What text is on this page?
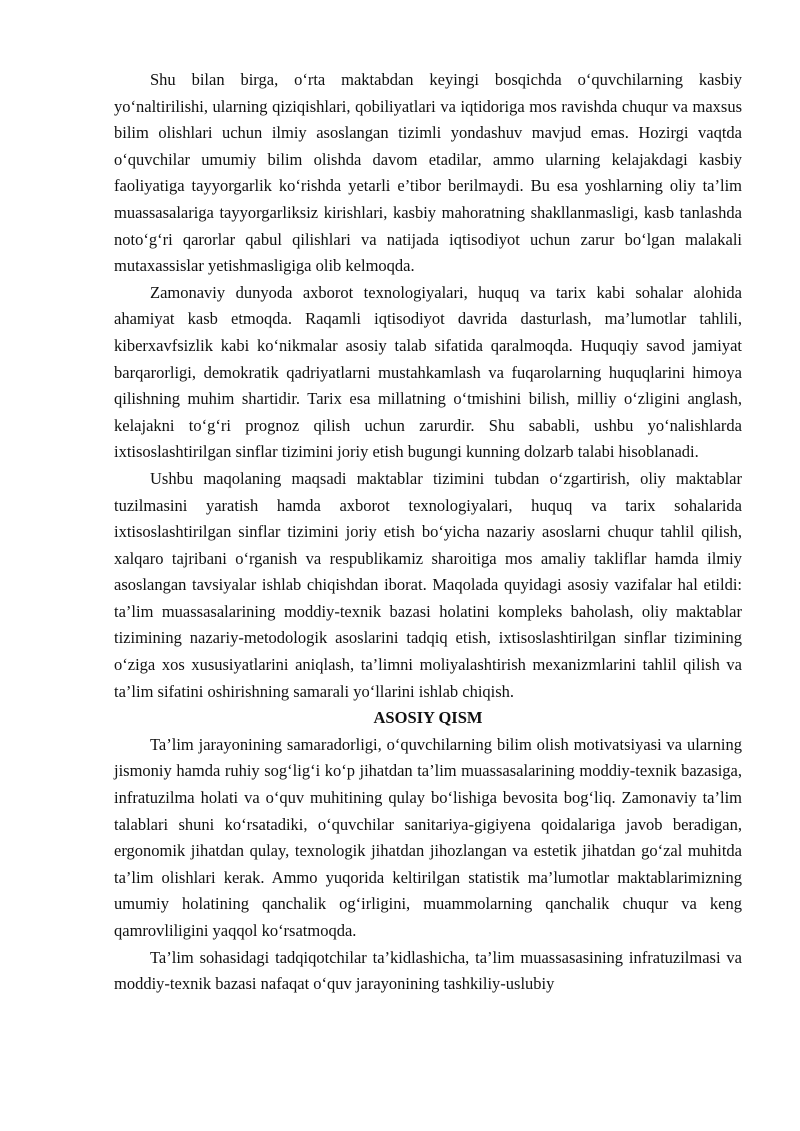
Shu bilan birga, o‘rta maktabdan keyingi bosqichda o‘quvchilarning kasbiy yo‘naltirilishi, ularning qiziqishlari, qobiliyatlari va iqtidoriga mos ravishda chuqur va maxsus bilim olishlari uchun ilmiy asoslangan tizimli yondashuv mavjud emas. Hozirgi vaqtda o‘quvchilar umumiy bilim olishda davom etadilar, ammo ularning kelajakdagi kasbiy faoliyatiga tayyorgarlik ko‘rishda yetarli e’tibor berilmaydi. Bu esa yoshlarning oliy ta’lim muassasalariga tayyorgarliksiz kirishlari, kasbiy mahoratning shakllanmasligi, kasb tanlashda noto‘g‘ri qarorlar qabul qilishlari va natijada iqtisodiyot uchun zarur bo‘lgan malakali mutaxassislar yetishmasligiga olib kelmoqda.

Zamonaviy dunyoda axborot texnologiyalari, huquq va tarix kabi sohalar alohida ahamiyat kasb etmoqda. Raqamli iqtisodiyot davrida dasturlash, ma’lumotlar tahlili, kiberxavfsizlik kabi ko‘nikmalar asosiy talab sifatida qaralmoqda. Huquqiy savod jamiyat barqarorligi, demokratik qadriyatlarni mustahkamlash va fuqarolarning huquqlarini himoya qilishning muhim shartidir. Tarix esa millatning o‘tmishini bilish, milliy o‘zligini anglash, kelajakni to‘g‘ri prognoz qilish uchun zarurdir. Shu sababli, ushbu yo‘nalishlarda ixtisoslashtirilgan sinflar tizimini joriy etish bugungi kunning dolzarb talabi hisoblanadi.

Ushbu maqolaning maqsadi maktablar tizimini tubdan o‘zgartirish, oliy maktablar tuzilmasini yaratish hamda axborot texnologiyalari, huquq va tarix sohalarida ixtisoslashtirilgan sinflar tizimini joriy etish bo‘yicha nazariy asoslarni chuqur tahlil qilish, xalqaro tajribani o‘rganish va respublikamiz sharoitiga mos amaliy takliflar hamda ilmiy asoslangan tavsiyalar ishlab chiqishdan iborat. Maqolada quyidagi asosiy vazifalar hal etildi: ta’lim muassasalarining moddiy-texnik bazasi holatini kompleks baholash, oliy maktablar tizimining nazariy-metodologik asoslarini tadqiq etish, ixtisoslashtirilgan sinflar tizimining o‘ziga xos xususiyatlarini aniqlash, ta’limni moliyalashtirish mexanizmlarini tahlil qilish va ta’lim sifatini oshirishning samarali yo‘llarini ishlab chiqish.

ASOSIY QISM

Ta’lim jarayonining samaradorligi, o‘quvchilarning bilim olish motivatsiyasi va ularning jismoniy hamda ruhiy sog‘lig‘i ko‘p jihatdan ta’lim muassasalarining moddiy-texnik bazasiga, infratuzilma holati va o‘quv muhitining qulay bo‘lishiga bevosita bog‘liq. Zamonaviy ta’lim talablari shuni ko‘rsatadiki, o‘quvchilar sanitariya-gigiyena qoidalariga javob beradigan, ergonomik jihatdan qulay, texnologik jihatdan jihozlangan va estetik jihatdan go‘zal muhitda ta’lim olishlari kerak. Ammo yuqorida keltirilgan statistik ma’lumotlar maktablarimizning umumiy holatining qanchalik og‘irligini, muammolarning qanchalik chuqur va keng qamrovliligini yaqqol ko‘rsatmoqda.

Ta’lim sohasidagi tadqiqotchilar ta’kidlashicha, ta’lim muassasasining infratuzilmasi va moddiy-texnik bazasi nafaqat o‘quv jarayonining tashkiliy-uslubiy
